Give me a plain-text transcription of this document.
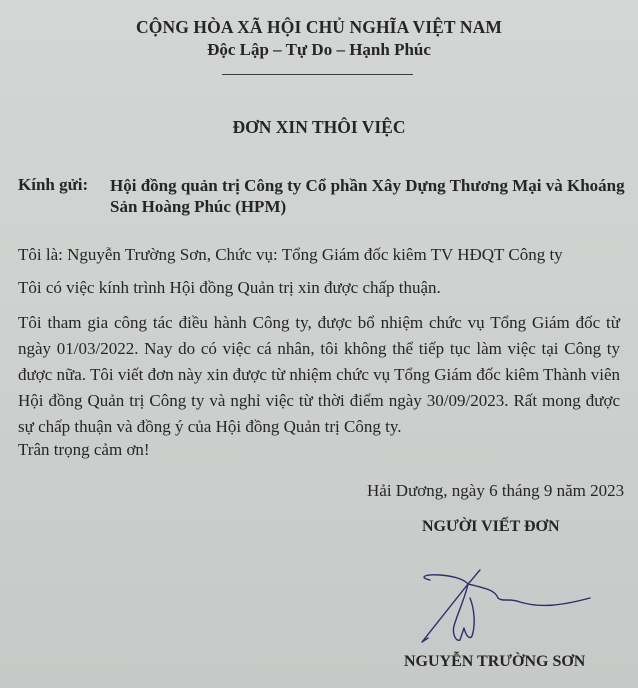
CỘNG HÒA XÃ HỘI CHỦ NGHĨA VIỆT NAM
Độc Lập – Tự Do – Hạnh Phúc
ĐƠN XIN THÔI VIỆC
Kính gửi: Hội đồng quản trị Công ty Cổ phần Xây Dựng Thương Mại và Khoáng Sản Hoàng Phúc (HPM)
Tôi là: Nguyễn Trường Sơn, Chức vụ: Tổng Giám đốc kiêm TV HĐQT Công ty
Tôi có việc kính trình Hội đồng Quản trị xin được chấp thuận.
Tôi tham gia công tác điều hành Công ty, được bổ nhiệm chức vụ Tổng Giám đốc từ ngày 01/03/2022. Nay do có việc cá nhân, tôi không thể tiếp tục làm việc tại Công ty được nữa. Tôi viết đơn này xin được từ nhiệm chức vụ Tổng Giám đốc kiêm Thành viên Hội đồng Quản trị Công ty và nghỉ việc từ thời điểm ngày 30/09/2023. Rất mong được sự chấp thuận và đồng ý của Hội đồng Quản trị Công ty.
Trân trọng cảm ơn!
Hải Dương, ngày 6 tháng 9 năm 2023
NGƯỜI VIẾT ĐƠN
NGUYỄN TRƯỜNG SƠN
